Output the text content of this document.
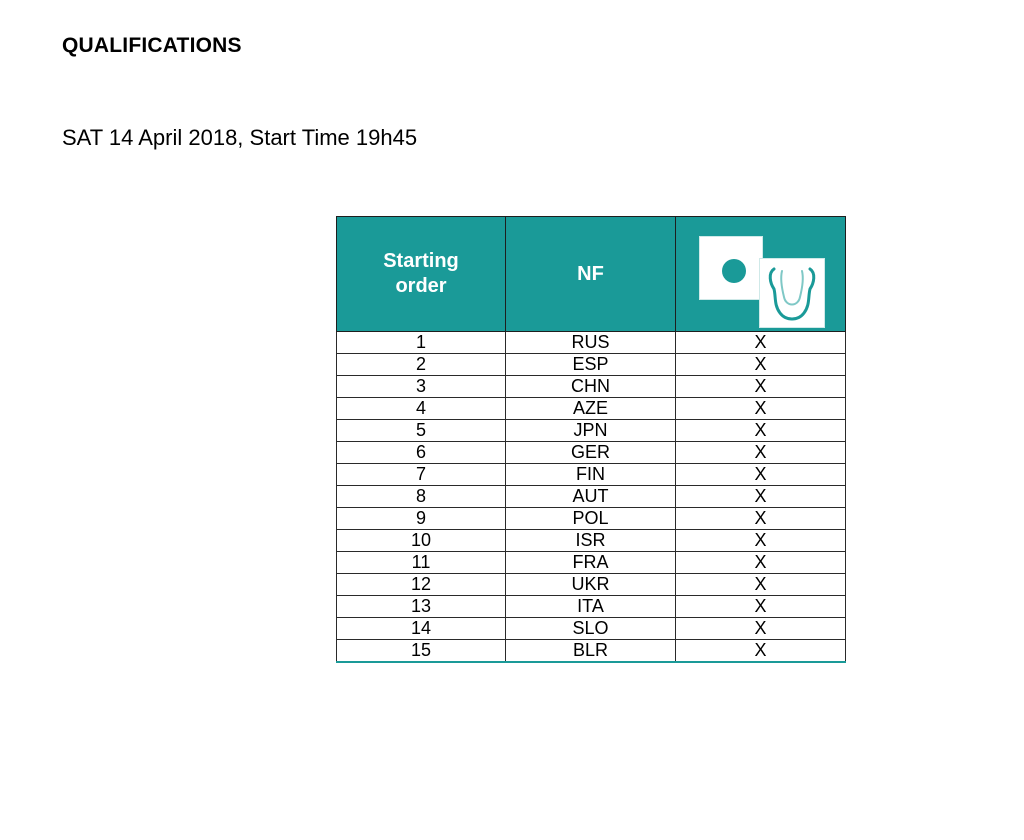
QUALIFICATIONS
SAT 14 April 2018, Start Time 19h45
Starting
order	NF	

1	RUS	X
2	ESP	X
3	CHN	X
4	AZE	X
5	JPN	X
6	GER	X
7	FIN	X
8	AUT	X
9	POL	X
10	ISR	X
11	FRA	X
12	UKR	X
13	ITA	X
14	SLO	X
15	BLR	X
